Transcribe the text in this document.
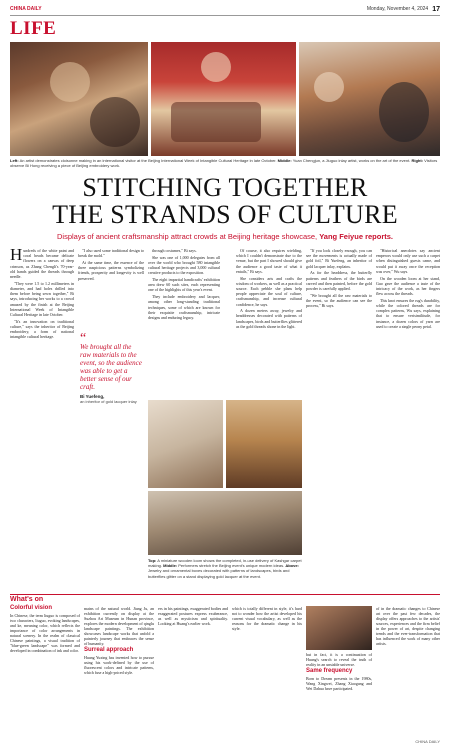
CHINA DAILY	Monday, November 4, 2024 17
LIFE
Left: An artist demonstrates cloisonne making in an international visitor at the Beijing International Week of Intangible Cultural Heritage in late October. Middle: Yuan Chengjun, a Jiuguo inlay artist, works on the art of the event. Right: Visitors observe Bi Hong receiving a piece of Beijing embroidery work.
STITCHING TOGETHER
THE STRANDS OF CULTURE
Displays of ancient craftsmanship attract crowds at Beijing heritage showcase, Yang Feiyue reports.

Hundreds of the white paint and coral beads became delicate flowers on a canvas of deep crimson, as Zhang Chengli's 70-year-old hands guided the threads through needle.

"They were 1.5 to 1.2 millimeters in diameter, and had holes drilled into them before being sewn together," Bi says, introducing her works to a crowd amazed by the finish at the Beijing International Week of Intangible Cultural Heritage in late October.

"It's an innovation on traditional culture," says the inheritor of Beijing embroidery, a form of national intangible cultural heritage.

"I also used some traditional design to break the mold."

At the same time, the essence of the three auspicious patterns symbolizing friends, prosperity and longevity is well preserved.

“
We brought all the raw materials to the event, so the audience was able to get a better sense of our craft.
Bi Yuefeng,
an inheritor of gold lacquer inlay

through costumes," Bi says.

She was one of 1,000 delegates from all over the world who brought 580 intangible cultural heritage projects and 3,000 cultural creative products to the exposition.

The eight impartial handicrafts' exhibition area drew 60 such sites, each representing one of the highlights of this year's event.

They include embroidery and lacquer, among other long-standing traditional techniques, some of which are known for their exquisite craftsmanship, intricate designs and enduring legacy.

Top: A miniature wooden loom shows the completed, in-use delivery of Kashgar carpet making. Middle: Performers stretch the Beijing event's unique modern ideas. Above: Jewelry and ornamental boxes decorated with patterns of landscapes, birds and butterflies glitter on a stand displaying gold lacquer at the event.

Of course, it also requires wielding, which I couldn't demonstrate due to the venue, but the part I showed should give the audience a good taste of what it entails," Bi says.

She considers arts and crafts the wisdom of workers, as well as a practical source. Each pebble she plans help people appreciate the soul of culture, craftsmanship, and increase cultural confidence, he says.

A dozen meters away, jewelry and headdresses decorated with patterns of landscapes, birds and butterflies glittered as the gold threads shone in the light.

"If you look closely enough, you can see the movements is actually made of gold foil," Bi Yuefeng, an inheritor of gold lacquer inlay, explains.

As for the headdress, the butterfly patterns and feathers of the birds are carved and then painted, before the gold powder is carefully applied.

"We brought all the raw materials to the event, so the audience can see the process," Bi says.

"Historical anecdotes say ancient emperors would only use such a carpet when distinguished guests came, and would put it away once the reception was over," Wu says.

On the wooden loom at her stand, Guo gave the audience a taste of the intricacy of the work, as her fingers flew across the threads.

This knot ensures the rug's durability, while the colored threads are for complex patterns, Wu says, explaining that to ensure verisimilitude, for instance, a dozen colors of yarn are used to create a single peony petal.

What's on
Colorful vision

In Chinese, the term liuguo is composed of two characters, liuguo, evoking landscapes, and ke, meaning color, which reflects the importance of color arrangements in natural scenery. In the realm of classical Chinese paintings, a visual tradition of "blue-green landscape" was formed and developed in combination of ink and color.

mains of the natural world. Jiang Ju, an exhibition currently on display at the Suzhou Art Museum in Hunan province, explores the modern development of qinglu landscape paintings. The exhibition showcases landscape works that unfold a painterly journey that embraces the sense of humanity.

Surreal approach

Huang Yuxing has invented how to pursue using his work-defined by the use of fluorescent colors and intricate patterns, which fuse a high-priced style.

ers in his paintings, exaggerated bodies and exaggerated postures express exuberance, as well as mysticism and spirituality. Looking at Huang's earlier work.

which is totally different in style, it's hard not to wonder how the artist developed his current visual vocabulary, as well as the reasons for the dramatic change in his style.

but in fact, it is a continuation of Huang's search to reveal the truth of reality in an unstable universe.

Same frequency

Born to Dream presents in the 1980s, Wang Xingwei, Zhang Xiaogang and Wei Dahua have participated.

of in the dramatic changes to Chinese art over the past few decades, the display offers approaches to the artists' sources, experiences and the firm belief in the power of art, despite changing trends and the ever-transformation that has influenced the work of many other artists.

CHINA DAILY
